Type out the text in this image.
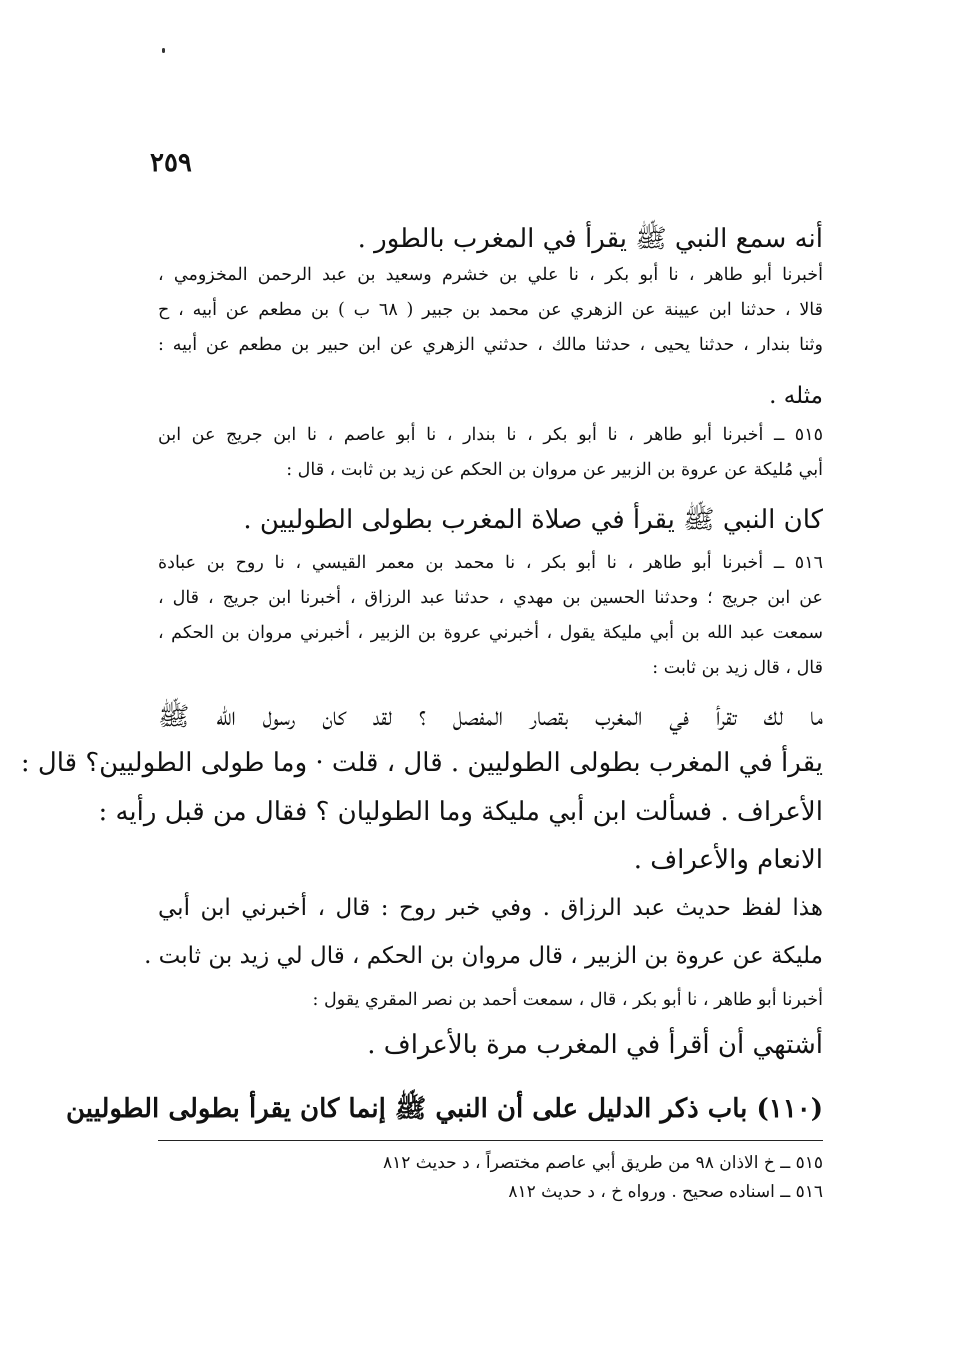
٢٥٩
أنه سمع النبي ﷺ يقرأ في المغرب بالطور .
أخبرنا أبو طاهر ، نا أبو بكر ، نا علي بن خشرم وسعيد بن عبد الرحمن المخزومي ،
قالا ، حدثنا ابن عيينة عن الزهري عن محمد بن جبير ( ٦٨ ب ) بن مطعم عن أبيه ، ح
وثنا بندار ، حدثنا يحيى ، حدثنا مالك ، حدثني الزهري عن ابن حبير بن مطعم عن أبيه :
مثله .
٥١٥ ــ أخبرنا أبو طاهر ، نا أبو بكر ، نا بندار ، نا أبو عاصم ، نا ابن جريج عن ابن
أبي مُليكة عن عروة بن الزبير عن مروان بن الحكم عن زيد بن ثابت ، قال :
كان النبي ﷺ يقرأ في صلاة المغرب بطولى الطوليين .
٥١٦ ــ أخبرنا أبو طاهر ، نا أبو بكر ، نا محمد بن معمر القيسي ، نا روح بن عبادة
عن ابن جريج ؛ وحدثنا الحسين بن مهدي ، حدثنا عبد الرزاق ، أخبرنا ابن جريج ، قال ،
سمعت عبد الله بن أبي مليكة يقول ، أخبرني عروة بن الزبير ، أخبرني مروان بن الحكم ،
قال ، قال زيد بن ثابت :
ما لك تقرأ في المغرب بقصار المفصل ؟ لقد كان رسول الله ﷺ
يقرأ في المغرب بطولى الطوليين . قال ، قلت · وما طولى الطوليين؟ قال :
الأعراف . فسألت ابن أبي مليكة وما الطوليان ؟ فقال من قبل رأيه :
الانعام والأعراف .
هذا لفظ حديث عبد الرزاق . وفي خبر روح : قال ، أخبرني ابن أبي
مليكة عن عروة بن الزبير ، قال مروان بن الحكم ، قال لي زيد بن ثابت .
أخبرنا أبو طاهر ، نا أبو بكر ، قال ، سمعت أحمد بن نصر المقري يقول :
أشتهي أن أقرأ في المغرب مرة بالأعراف .
(١١٠) باب ذكر الدليل على أن النبي ﷺ إنما كان يقرأ بطولى الطوليين
٥١٥ ــ خ الاذان ٩٨ من طريق أبي عاصم مختصراً ، د حديث ٨١٢
٥١٦ ــ اسناده صحيح . ورواه خ ، د حديث ٨١٢
